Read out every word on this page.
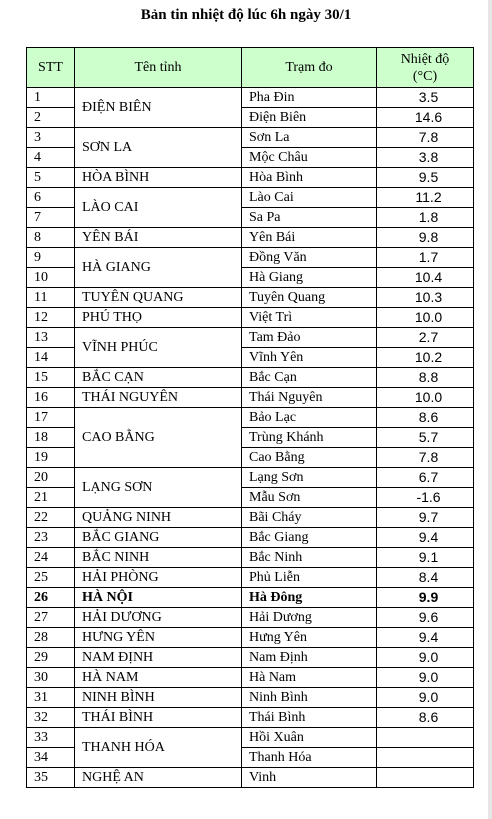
Bản tin nhiệt độ lúc 6h ngày 30/1
STT	Tên tỉnh	Trạm đo	Nhiệt độ
(°C)
1	ĐIỆN BIÊN	Pha Đin	3.5
2		Điện Biên	14.6
3	SƠN LA	Sơn La	7.8
4		Mộc Châu	3.8
5	HÒA BÌNH	Hòa Bình	9.5
6	LÀO CAI	Lào Cai	11.2
7		Sa Pa	1.8
8	YÊN BÁI	Yên Bái	9.8
9	HÀ GIANG	Đồng Văn	1.7
10		Hà Giang	10.4
11	TUYÊN QUANG	Tuyên Quang	10.3
12	PHÚ THỌ	Việt Trì	10.0
13	VĨNH PHÚC	Tam Đảo	2.7
14		Vĩnh Yên	10.2
15	BẮC CẠN	Bắc Cạn	8.8
16	THÁI NGUYÊN	Thái Nguyên	10.0
17	CAO BẰNG	Bảo Lạc	8.6
18		Trùng Khánh	5.7
19		Cao Bằng	7.8
20	LẠNG SƠN	Lạng Sơn	6.7
21		Mẫu Sơn	-1.6
22	QUẢNG NINH	Bãi Cháy	9.7
23	BẮC GIANG	Bắc Giang	9.4
24	BẮC NINH	Bắc Ninh	9.1
25	HẢI PHÒNG	Phủ Liễn	8.4
26	HÀ NỘI	Hà Đông	9.9
27	HẢI DƯƠNG	Hải Dương	9.6
28	HƯNG YÊN	Hưng Yên	9.4
29	NAM ĐỊNH	Nam Định	9.0
30	HÀ NAM	Hà Nam	9.0
31	NINH BÌNH	Ninh Bình	9.0
32	THÁI BÌNH	Thái Bình	8.6
33	THANH HÓA	Hồi Xuân	
34		Thanh Hóa	
35	NGHỆ AN	Vinh	
